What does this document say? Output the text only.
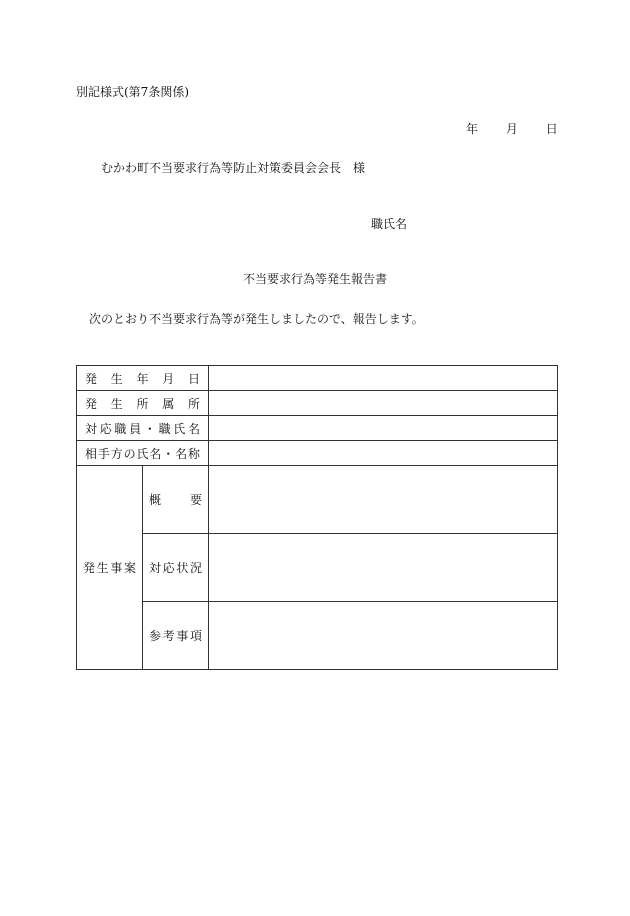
別記様式(第7条関係)
年 月 日
むかわ町不当要求行為等防止対策委員会会長 様
職氏名
不当要求行為等発生報告書
次のとおり不当要求行為等が発生しましたので、報告します。
発生年月日		
発生所属所		
対応職員・職氏名		
相手方の氏名・名称		
発生事案	概要	
	対応状況	
	参考事項	
